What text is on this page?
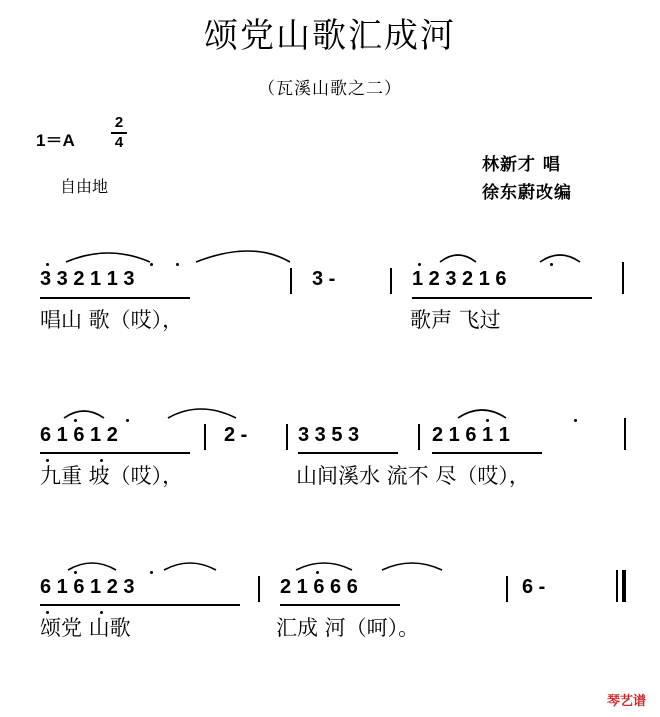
颂党山歌汇成河
（瓦溪山歌之二）
1＝A
2
4
自由地
林新才 唱
徐东蔚改编
3 3 2 1 1 3	3 -	1 2 3 2 1 6
唱山 歌（哎），	歌声 飞过
6 1 6 1 2	2 -	3 3 5 3	2 1 6 1 1
九重 坡（哎），	山间溪水 流不 尽（哎），
6 1 6 1 2 3	2 1 6 6 6	6 -
颂党 山歌	汇成 河（呵）。
琴艺谱
